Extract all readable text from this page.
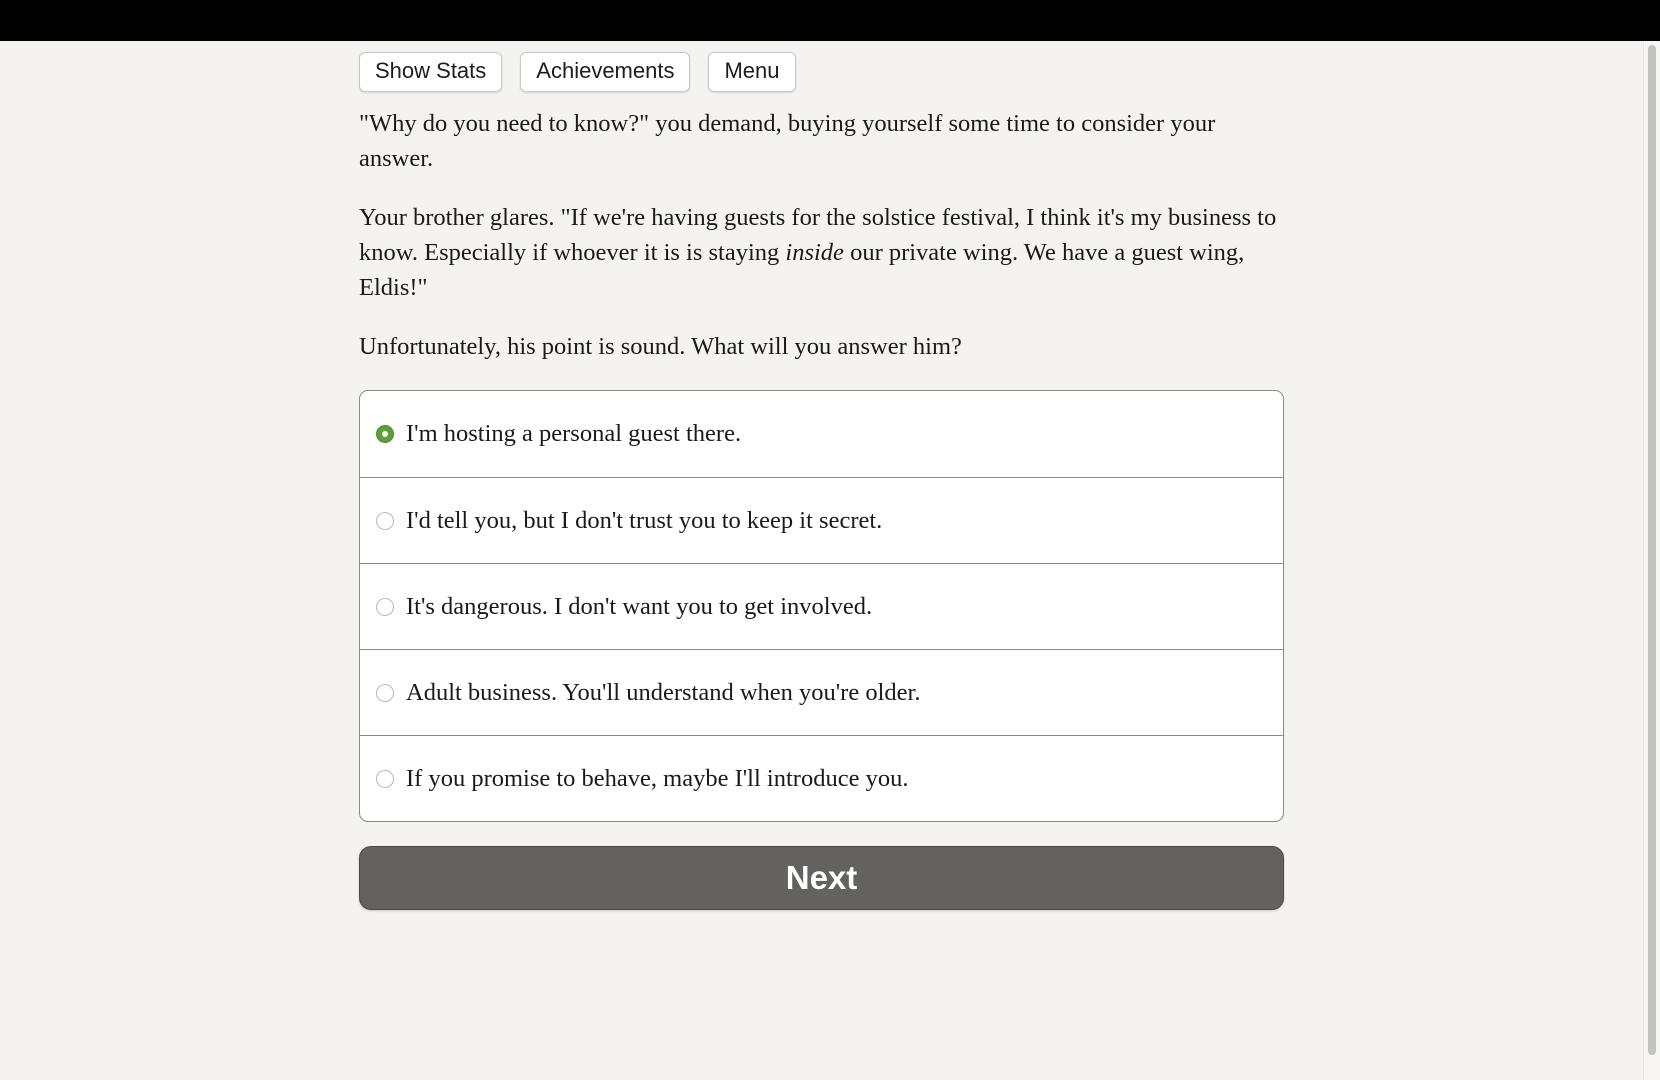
Show Stats	Achievements	Menu

"Why do you need to know?" you demand, buying yourself some time to consider your answer.

Your brother glares. "If we're having guests for the solstice festival, I think it's my business to know. Especially if whoever it is is staying inside our private wing. We have a guest wing, Eldis!"

Unfortunately, his point is sound. What will you answer him?

I'm hosting a personal guest there.
I'd tell you, but I don't trust you to keep it secret.
It's dangerous. I don't want you to get involved.
Adult business. You'll understand when you're older.
If you promise to behave, maybe I'll introduce you.
Next
